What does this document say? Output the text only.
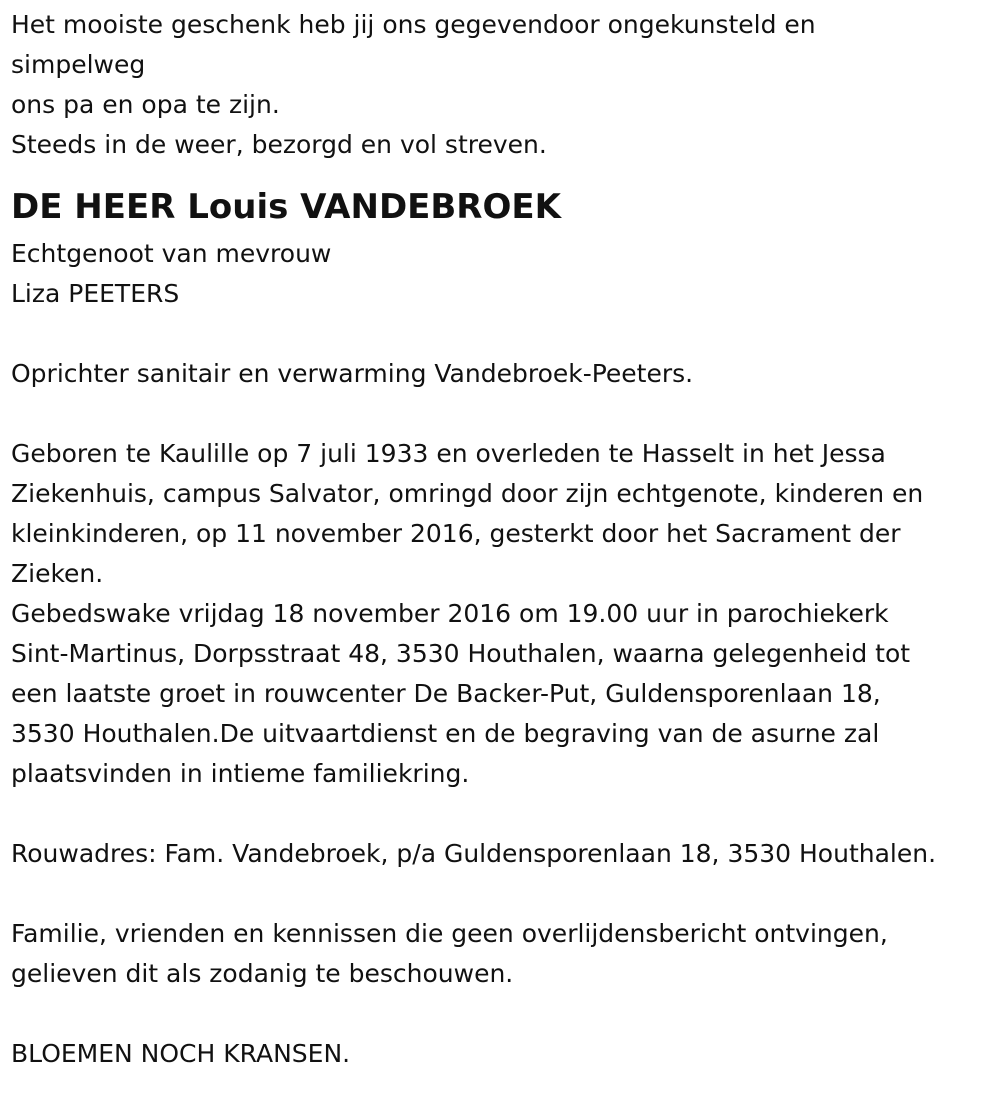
Het mooiste geschenk heb jij ons gegevendoor ongekunsteld en
simpelweg
ons pa en opa te zijn.
Steeds in de weer, bezorgd en vol streven.
DE HEER Louis VANDEBROEK
Echtgenoot van mevrouw
Liza PEETERS
Oprichter sanitair en verwarming Vandebroek-Peeters.
Geboren te Kaulille op 7 juli 1933 en overleden te Hasselt in het Jessa
Ziekenhuis, campus Salvator, omringd door zijn echtgenote, kinderen en
kleinkinderen, op 11 november 2016, gesterkt door het Sacrament der
Zieken.
Gebedswake vrijdag 18 november 2016 om 19.00 uur in parochiekerk
Sint-Martinus, Dorpsstraat 48, 3530 Houthalen, waarna gelegenheid tot
een laatste groet in rouwcenter De Backer-Put, Guldensporenlaan 18,
3530 Houthalen.De uitvaartdienst en de begraving van de asurne zal
plaatsvinden in intieme familiekring.
Rouwadres: Fam. Vandebroek, p/a Guldensporenlaan 18, 3530 Houthalen.
Familie, vrienden en kennissen die geen overlijdensbericht ontvingen,
gelieven dit als zodanig te beschouwen.
BLOEMEN NOCH KRANSEN.
